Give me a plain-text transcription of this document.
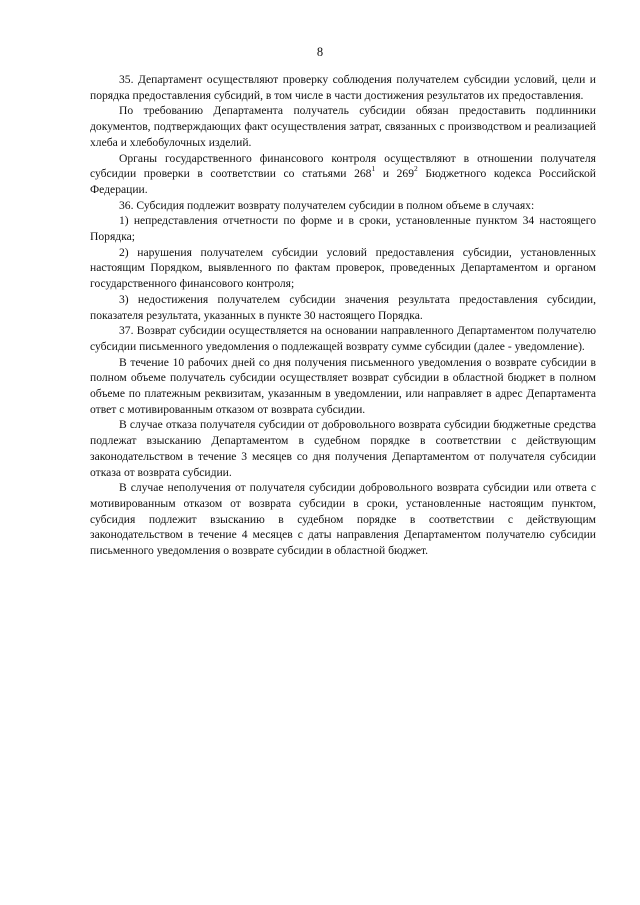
8

35. Департамент осуществляют проверку соблюдения получателем субсидии условий, цели и порядка предоставления субсидий, в том числе в части достижения результатов их предоставления.

По требованию Департамента получатель субсидии обязан предоставить подлинники документов, подтверждающих факт осуществления затрат, связанных с производством и реализацией хлеба и хлебобулочных изделий.

Органы государственного финансового контроля осуществляют в отношении получателя субсидии проверки в соответствии со статьями $268^1$ и $269^2$ Бюджетного кодекса Российской Федерации.

36. Субсидия подлежит возврату получателем субсидии в полном объеме в случаях:

1) непредставления отчетности по форме и в сроки, установленные пунктом 34 настоящего Порядка;

2) нарушения получателем субсидии условий предоставления субсидии, установленных настоящим Порядком, выявленного по фактам проверок, проведенных Департаментом и органом государственного финансового контроля;

3) недостижения получателем субсидии значения результата предоставления субсидии, показателя результата, указанных в пункте 30 настоящего Порядка.

37. Возврат субсидии осуществляется на основании направленного Департаментом получателю субсидии письменного уведомления о подлежащей возврату сумме субсидии (далее - уведомление).

В течение 10 рабочих дней со дня получения письменного уведомления о возврате субсидии в полном объеме получатель субсидии осуществляет возврат субсидии в областной бюджет в полном объеме по платежным реквизитам, указанным в уведомлении, или направляет в адрес Департамента ответ с мотивированным отказом от возврата субсидии.

В случае отказа получателя субсидии от добровольного возврата субсидии бюджетные средства подлежат взысканию Департаментом в судебном порядке в соответствии с действующим законодательством в течение 3 месяцев со дня получения Департаментом от получателя субсидии отказа от возврата субсидии.

В случае неполучения от получателя субсидии добровольного возврата субсидии или ответа с мотивированным отказом от возврата субсидии в сроки, установленные настоящим пунктом, субсидия подлежит взысканию в судебном порядке в соответствии с действующим законодательством в течение 4 месяцев с даты направления Департаментом получателю субсидии письменного уведомления о возврате субсидии в областной бюджет.
